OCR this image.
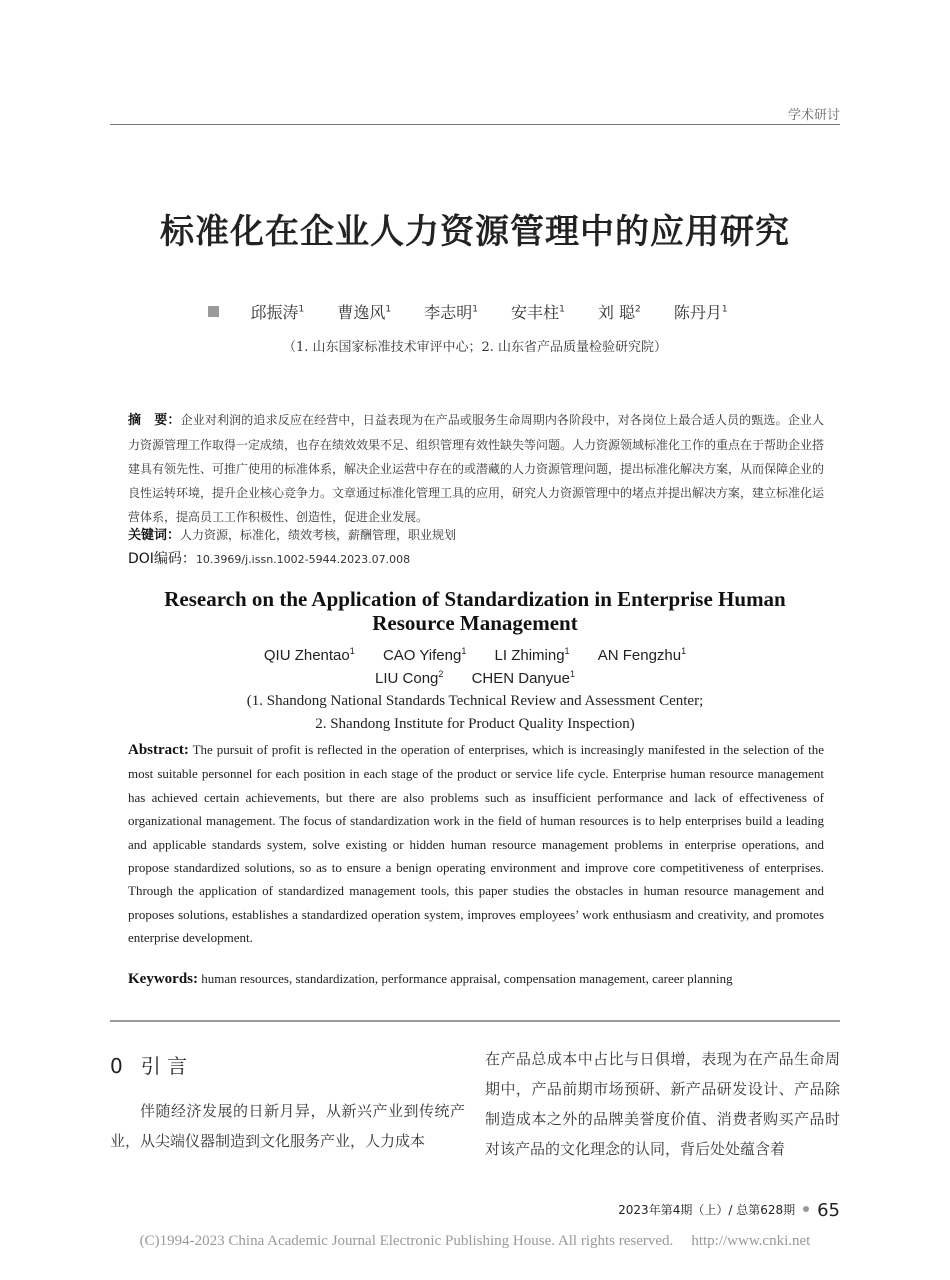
学术研讨
标准化在企业人力资源管理中的应用研究
邱振涛$^1$ 曹逸风$^1$ 李志明$^1$ 安丰柱$^1$ 刘 聪$^2$ 陈丹月$^1$
（1. 山东国家标准技术审评中心；2. 山东省产品质量检验研究院）
摘　要：企业对利润的追求反应在经营中，日益表现为在产品或服务生命周期内各阶段中，对各岗位上最合适人员的甄选。企业人力资源管理工作取得一定成绩，也存在绩效效果不足、组织管理有效性缺失等问题。人力资源领域标准化工作的重点在于帮助企业搭建具有领先性、可推广使用的标准体系，解决企业运营中存在的或潜藏的人力资源管理问题，提出标准化解决方案，从而保障企业的良性运转环境，提升企业核心竞争力。文章通过标准化管理工具的应用，研究人力资源管理中的堵点并提出解决方案，建立标准化运营体系，提高员工工作积极性、创造性，促进企业发展。
关键词：人力资源，标准化，绩效考核，薪酬管理，职业规划
DOI编码：10.3969/j.issn.1002-5944.2023.07.008
Research on the Application of Standardization in Enterprise Human
Resource Management
QIU Zhentao$^1$ CAO Yifeng$^1$ LI Zhiming$^1$ AN Fengzhu$^1$
LIU Cong$^2$ CHEN Danyue$^1$
(1. Shandong National Standards Technical Review and Assessment Center;
2. Shandong Institute for Product Quality Inspection)
Abstract: The pursuit of profit is reflected in the operation of enterprises, which is increasingly manifested in the selection of the most suitable personnel for each position in each stage of the product or service life cycle. Enterprise human resource management has achieved certain achievements, but there are also problems such as insufficient performance and lack of effectiveness of organizational management. The focus of standardization work in the field of human resources is to help enterprises build a leading and applicable standards system, solve existing or hidden human resource management problems in enterprise operations, and propose standardized solutions, so as to ensure a benign operating environment and improve core competitiveness of enterprises. Through the application of standardized management tools, this paper studies the obstacles in human resource management and proposes solutions, establishes a standardized operation system, improves employees’ work enthusiasm and creativity, and promotes enterprise development.
Keywords: human resources, standardization, performance appraisal, compensation management, career planning
0 引 言
伴随经济发展的日新月异，从新兴产业到传统产业，从尖端仪器制造到文化服务产业，人力成本
在产品总成本中占比与日俱增，表现为在产品生命周期中，产品前期市场预研、新产品研发设计、产品除制造成本之外的品牌美誉度价值、消费者购买产品时对该产品的文化理念的认同，背后处处蕴含着
2023年第4期（上）/ 总第628期 65
(C)1994-2023 China Academic Journal Electronic Publishing House. All rights reserved. http://www.cnki.net
